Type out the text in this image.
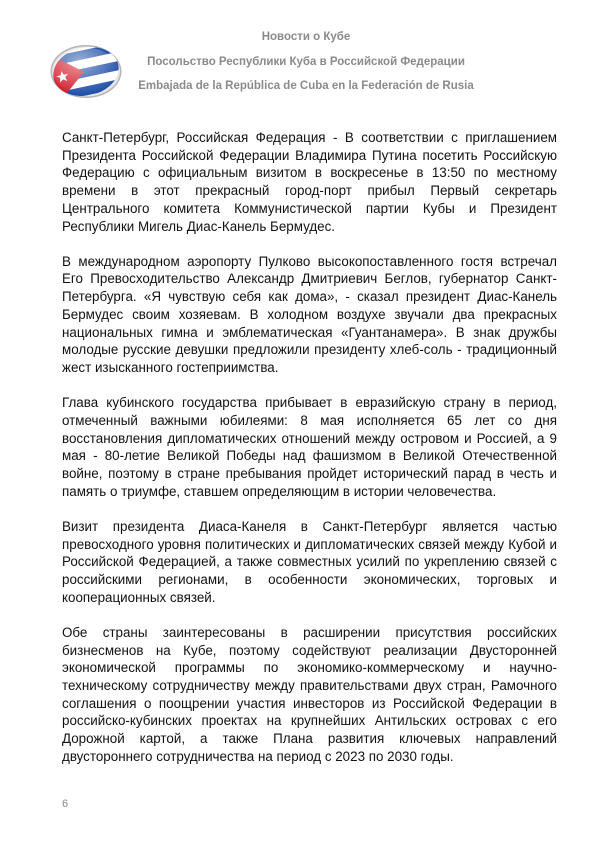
Новости о Кубе
Посольство Республики Куба в Российской Федерации
Embajada de la República de Cuba en la Federación de Rusia

Санкт-Петербург, Российская Федерация - В соответствии с приглашением Президента Российской Федерации Владимира Путина посетить Российскую Федерацию с официальным визитом в воскресенье в 13:50 по местному времени в этот прекрасный город-порт прибыл Первый секретарь Центрального комитета Коммунистической партии Кубы и Президент Республики Мигель Диас-Канель Бермудес.

В международном аэропорту Пулково высокопоставленного гостя встречал Его Превосходительство Александр Дмитриевич Беглов, губернатор Санкт-Петербурга. «Я чувствую себя как дома», - сказал президент Диас-Канель Бермудес своим хозяевам. В холодном воздухе звучали два прекрасных национальных гимна и эмблематическая «Гуантанамера». В знак дружбы молодые русские девушки предложили президенту хлеб-соль - традиционный жест изысканного гостеприимства.

Глава кубинского государства прибывает в евразийскую страну в период, отмеченный важными юбилеями: 8 мая исполняется 65 лет со дня восстановления дипломатических отношений между островом и Россией, а 9 мая - 80-летие Великой Победы над фашизмом в Великой Отечественной войне, поэтому в стране пребывания пройдет исторический парад в честь и память о триумфе, ставшем определяющим в истории человечества.

Визит президента Диаса-Канеля в Санкт-Петербург является частью превосходного уровня политических и дипломатических связей между Кубой и Российской Федерацией, а также совместных усилий по укреплению связей с российскими регионами, в особенности экономических, торговых и кооперационных связей.

Обе страны заинтересованы в расширении присутствия российских бизнесменов на Кубе, поэтому содействуют реализации Двусторонней экономической программы по экономико-коммерческому и научно-техническому сотрудничеству между правительствами двух стран, Рамочного соглашения о поощрении участия инвесторов из Российской Федерации в российско-кубинских проектах на крупнейших Антильских островах с его Дорожной картой, а также Плана развития ключевых направлений двустороннего сотрудничества на период с 2023 по 2030 годы.

6
